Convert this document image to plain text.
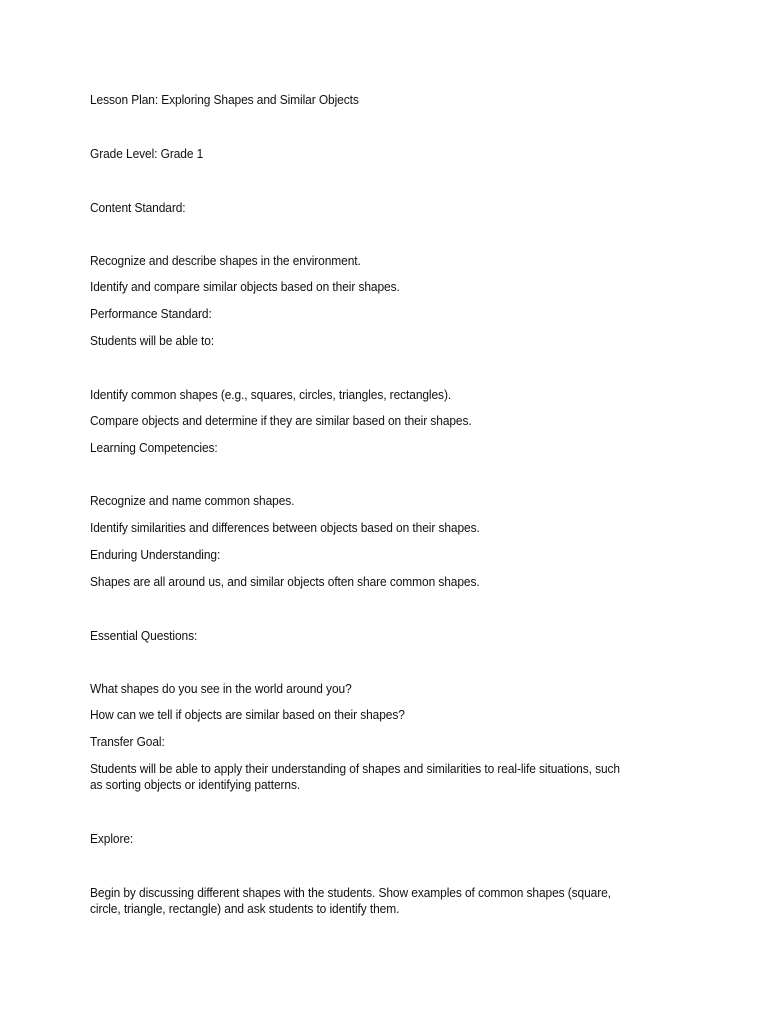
Lesson Plan: Exploring Shapes and Similar Objects
Grade Level: Grade 1
Content Standard:
Recognize and describe shapes in the environment.
Identify and compare similar objects based on their shapes.
Performance Standard:
Students will be able to:
Identify common shapes (e.g., squares, circles, triangles, rectangles).
Compare objects and determine if they are similar based on their shapes.
Learning Competencies:
Recognize and name common shapes.
Identify similarities and differences between objects based on their shapes.
Enduring Understanding:
Shapes are all around us, and similar objects often share common shapes.
Essential Questions:
What shapes do you see in the world around you?
How can we tell if objects are similar based on their shapes?
Transfer Goal:
Students will be able to apply their understanding of shapes and similarities to real-life situations, such as sorting objects or identifying patterns.
Explore:
Begin by discussing different shapes with the students. Show examples of common shapes (square, circle, triangle, rectangle) and ask students to identify them.
